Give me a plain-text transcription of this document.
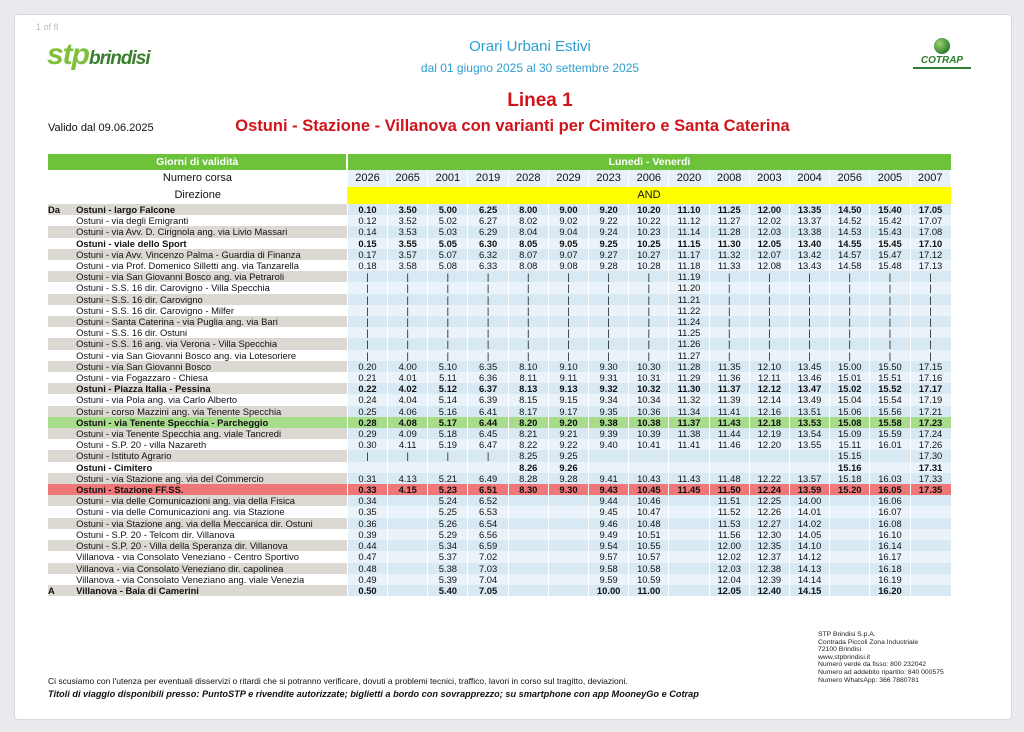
1 of 8
stpbrindisi	COTRAP
Orari Urbani Estivi
dal 01 giugno 2025 al 30 settembre 2025
Linea 1
Ostuni - Stazione - Villanova con varianti per Cimitero e Santa Caterina
Valido dal 09.06.2025
Giorni di validità		Lunedì - Venerdì														
Numero corsa		2026	2065	2001	2019	2028	2029	2023	2006	2020	2008	2003	2004	2056	2005	2007
Direzione		AND														
Da	Ostuni - largo Falcone	0.10	3.50	5.00	6.25	8.00	9.00	9.20	10.20	11.10	11.25	12.00	13.35	14.50	15.40	17.05
	Ostuni - via degli Emigranti	0.12	3.52	5.02	6.27	8.02	9.02	9.22	10.22	11.12	11.27	12.02	13.37	14.52	15.42	17.07
	Ostuni - via Avv. D. Cirignola ang. via Livio Massari	0.14	3.53	5.03	6.29	8.04	9.04	9.24	10.23	11.14	11.28	12.03	13.38	14.53	15.43	17.08
	Ostuni - viale dello Sport	0.15	3.55	5.05	6.30	8.05	9.05	9.25	10.25	11.15	11.30	12.05	13.40	14.55	15.45	17.10
	Ostuni - via Avv. Vincenzo Palma - Guardia di Finanza	0.17	3.57	5.07	6.32	8.07	9.07	9.27	10.27	11.17	11.32	12.07	13.42	14.57	15.47	17.12
	Ostuni - via Prof. Domenico Silletti ang. via Tanzarella	0.18	3.58	5.08	6.33	8.08	9.08	9.28	10.28	11.18	11.33	12.08	13.43	14.58	15.48	17.13
	Ostuni - via San Giovanni Bosco ang. via Petraroli	|	|	|	|	|	|	|	|	11.19	|	|	|	|	|	|
	Ostuni - S.S. 16 dir. Carovigno - Villa Specchia	|	|	|	|	|	|	|	|	11.20	|	|	|	|	|	|
	Ostuni - S.S. 16 dir. Carovigno	|	|	|	|	|	|	|	|	11.21	|	|	|	|	|	|
	Ostuni - S.S. 16 dir. Carovigno - Milfer	|	|	|	|	|	|	|	|	11.22	|	|	|	|	|	|
	Ostuni - Santa Caterina - via Puglia ang. via Bari	|	|	|	|	|	|	|	|	11.24	|	|	|	|	|	|
	Ostuni - S.S. 16 dir. Ostuni	|	|	|	|	|	|	|	|	11.25	|	|	|	|	|	|
	Ostuni - S.S. 16 ang. via Verona - Villa Specchia	|	|	|	|	|	|	|	|	11.26	|	|	|	|	|	|
	Ostuni - via San Giovanni Bosco ang. via Lotesoriere	|	|	|	|	|	|	|	|	11.27	|	|	|	|	|	|
	Ostuni - via San Giovanni Bosco	0.20	4.00	5.10	6.35	8.10	9.10	9.30	10.30	11.28	11.35	12.10	13.45	15.00	15.50	17.15
	Ostuni - via Fogazzaro - Chiesa	0.21	4.01	5.11	6.36	8.11	9.11	9.31	10.31	11.29	11.36	12.11	13.46	15.01	15.51	17.16
	Ostuni - Piazza Italia - Pessina	0.22	4.02	5.12	6.37	8.13	9.13	9.32	10.32	11.30	11.37	12.12	13.47	15.02	15.52	17.17
	Ostuni - via Pola ang. via Carlo Alberto	0.24	4.04	5.14	6.39	8.15	9.15	9.34	10.34	11.32	11.39	12.14	13.49	15.04	15.54	17.19
	Ostuni - corso Mazzini ang. via Tenente Specchia	0.25	4.06	5.16	6.41	8.17	9.17	9.35	10.36	11.34	11.41	12.16	13.51	15.06	15.56	17.21
	Ostuni - via Tenente Specchia - Parcheggio	0.28	4.08	5.17	6.44	8.20	9.20	9.38	10.38	11.37	11.43	12.18	13.53	15.08	15.58	17.23
	Ostuni - via Tenente Specchia ang. viale Tancredi	0.29	4.09	5.18	6.45	8.21	9.21	9.39	10.39	11.38	11.44	12.19	13.54	15.09	15.59	17.24
	Ostuni - S.P. 20 - villa Nazareth	0.30	4.11	5.19	6.47	8.22	9.22	9.40	10.41	11.41	11.46	12.20	13.55	15.11	16.01	17.26
	Ostuni - Istituto Agrario	|	|	|	|	8.25	9.25							15.15		17.30
	Ostuni - Cimitero					8.26	9.26							15.16		17.31
	Ostuni - via Stazione ang. via del Commercio	0.31	4.13	5.21	6.49	8.28	9.28	9.41	10.43	11.43	11.48	12.22	13.57	15.18	16.03	17.33
	Ostuni - Stazione FF.SS.	0.33	4.15	5.23	6.51	8.30	9.30	9.43	10.45	11.45	11.50	12.24	13.59	15.20	16.05	17.35
	Ostuni - via delle Comunicazioni ang. via della Fisica	0.34		5.24	6.52			9.44	10.46		11.51	12.25	14.00		16.06	
	Ostuni - via delle Comunicazioni ang. via Stazione	0.35		5.25	6.53			9.45	10.47		11.52	12.26	14.01		16.07	
	Ostuni - via Stazione ang. via della Meccanica dir. Ostuni	0.36		5.26	6.54			9.46	10.48		11.53	12.27	14.02		16.08	
	Ostuni - S.P. 20 - Telcom dir. Villanova	0.39		5.29	6.56			9.49	10.51		11.56	12.30	14.05		16.10	
	Ostuni - S.P. 20 - Villa della Speranza dir. Villanova	0.44		5.34	6.59			9.54	10.55		12.00	12.35	14.10		16.14	
	Villanova - via Consolato Veneziano - Centro Sportivo	0.47		5.37	7.02			9.57	10.57		12.02	12.37	14.12		16.17	
	Villanova - via Consolato Veneziano dir. capolinea	0.48		5.38	7.03			9.58	10.58		12.03	12.38	14.13		16.18	
	Villanova - via Consolato Veneziano ang. viale Venezia	0.49		5.39	7.04			9.59	10.59		12.04	12.39	14.14		16.19	
A	Villanova - Baia di Camerini	0.50		5.40	7.05			10.00	11.00		12.05	12.40	14.15		16.20	
Ci scusiamo con l'utenza per eventuali disservizi o ritardi che si potranno verificare, dovuti a problemi tecnici, traffico, lavori in corso sul tragitto, deviazioni.
Titoli di viaggio disponibili presso: PuntoSTP e rivendite autorizzate; biglietti a bordo con sovrapprezzo; su smartphone con app MooneyGo e Cotrap
STP Brindisi S.p.A.
Contrada Piccoli Zona Industriale
72100 Brindisi
www.stpbrindisi.it
Numero verde da fisso: 800 232042
Numero ad addebito ripartito: 840 000575
Numero WhatsApp: 366 7880781
